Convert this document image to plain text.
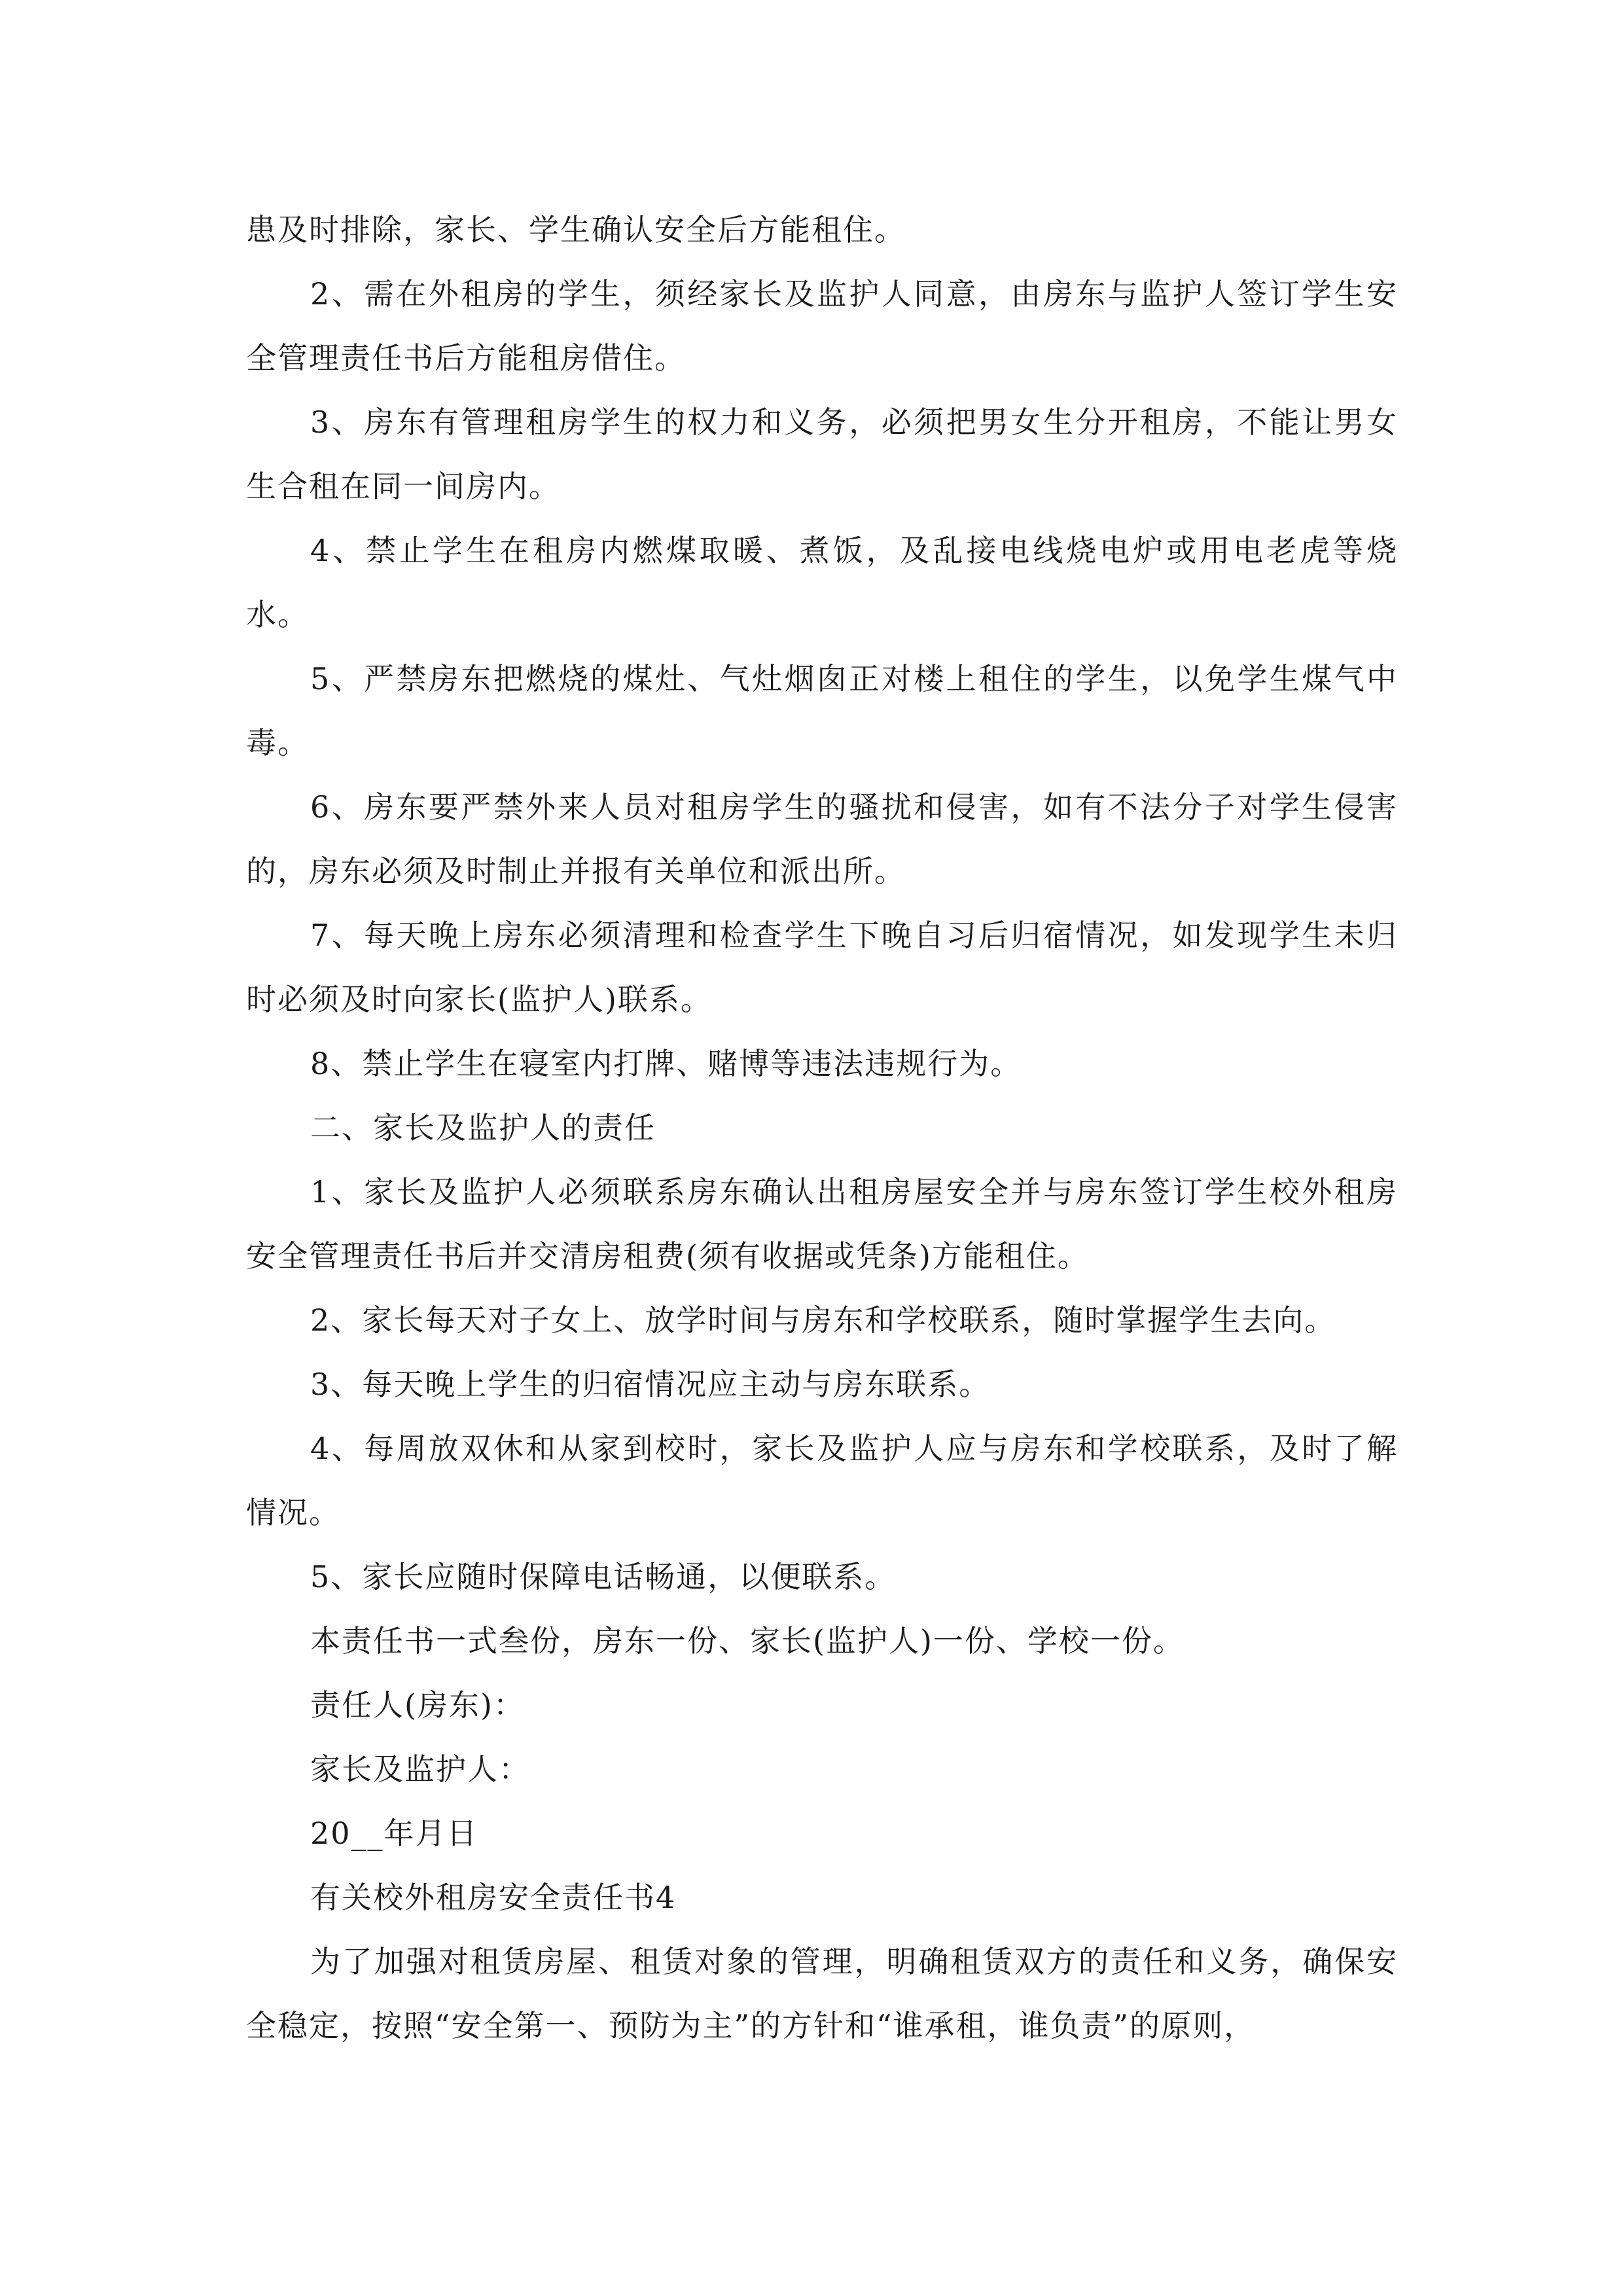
患及时排除，家长、学生确认安全后方能租住。

2、需在外租房的学生，须经家长及监护人同意，由房东与监护人签订学生安全管理责任书后方能租房借住。

3、房东有管理租房学生的权力和义务，必须把男女生分开租房，不能让男女生合租在同一间房内。

4、禁止学生在租房内燃煤取暖、煮饭，及乱接电线烧电炉或用电老虎等烧水。

5、严禁房东把燃烧的煤灶、气灶烟囱正对楼上租住的学生，以免学生煤气中毒。

6、房东要严禁外来人员对租房学生的骚扰和侵害，如有不法分子对学生侵害的，房东必须及时制止并报有关单位和派出所。

7、每天晚上房东必须清理和检查学生下晚自习后归宿情况，如发现学生未归时必须及时向家长(监护人)联系。

8、禁止学生在寝室内打牌、赌博等违法违规行为。

二、家长及监护人的责任

1、家长及监护人必须联系房东确认出租房屋安全并与房东签订学生校外租房安全管理责任书后并交清房租费(须有收据或凭条)方能租住。

2、家长每天对子女上、放学时间与房东和学校联系，随时掌握学生去向。

3、每天晚上学生的归宿情况应主动与房东联系。

4、每周放双休和从家到校时，家长及监护人应与房东和学校联系，及时了解情况。

5、家长应随时保障电话畅通，以便联系。

本责任书一式叁份，房东一份、家长(监护人)一份、学校一份。

责任人(房东)：

家长及监护人：

20__年月日

有关校外租房安全责任书4

为了加强对租赁房屋、租赁对象的管理，明确租赁双方的责任和义务，确保安全稳定，按照“安全第一、预防为主”的方针和“谁承租，谁负责”的原则，
